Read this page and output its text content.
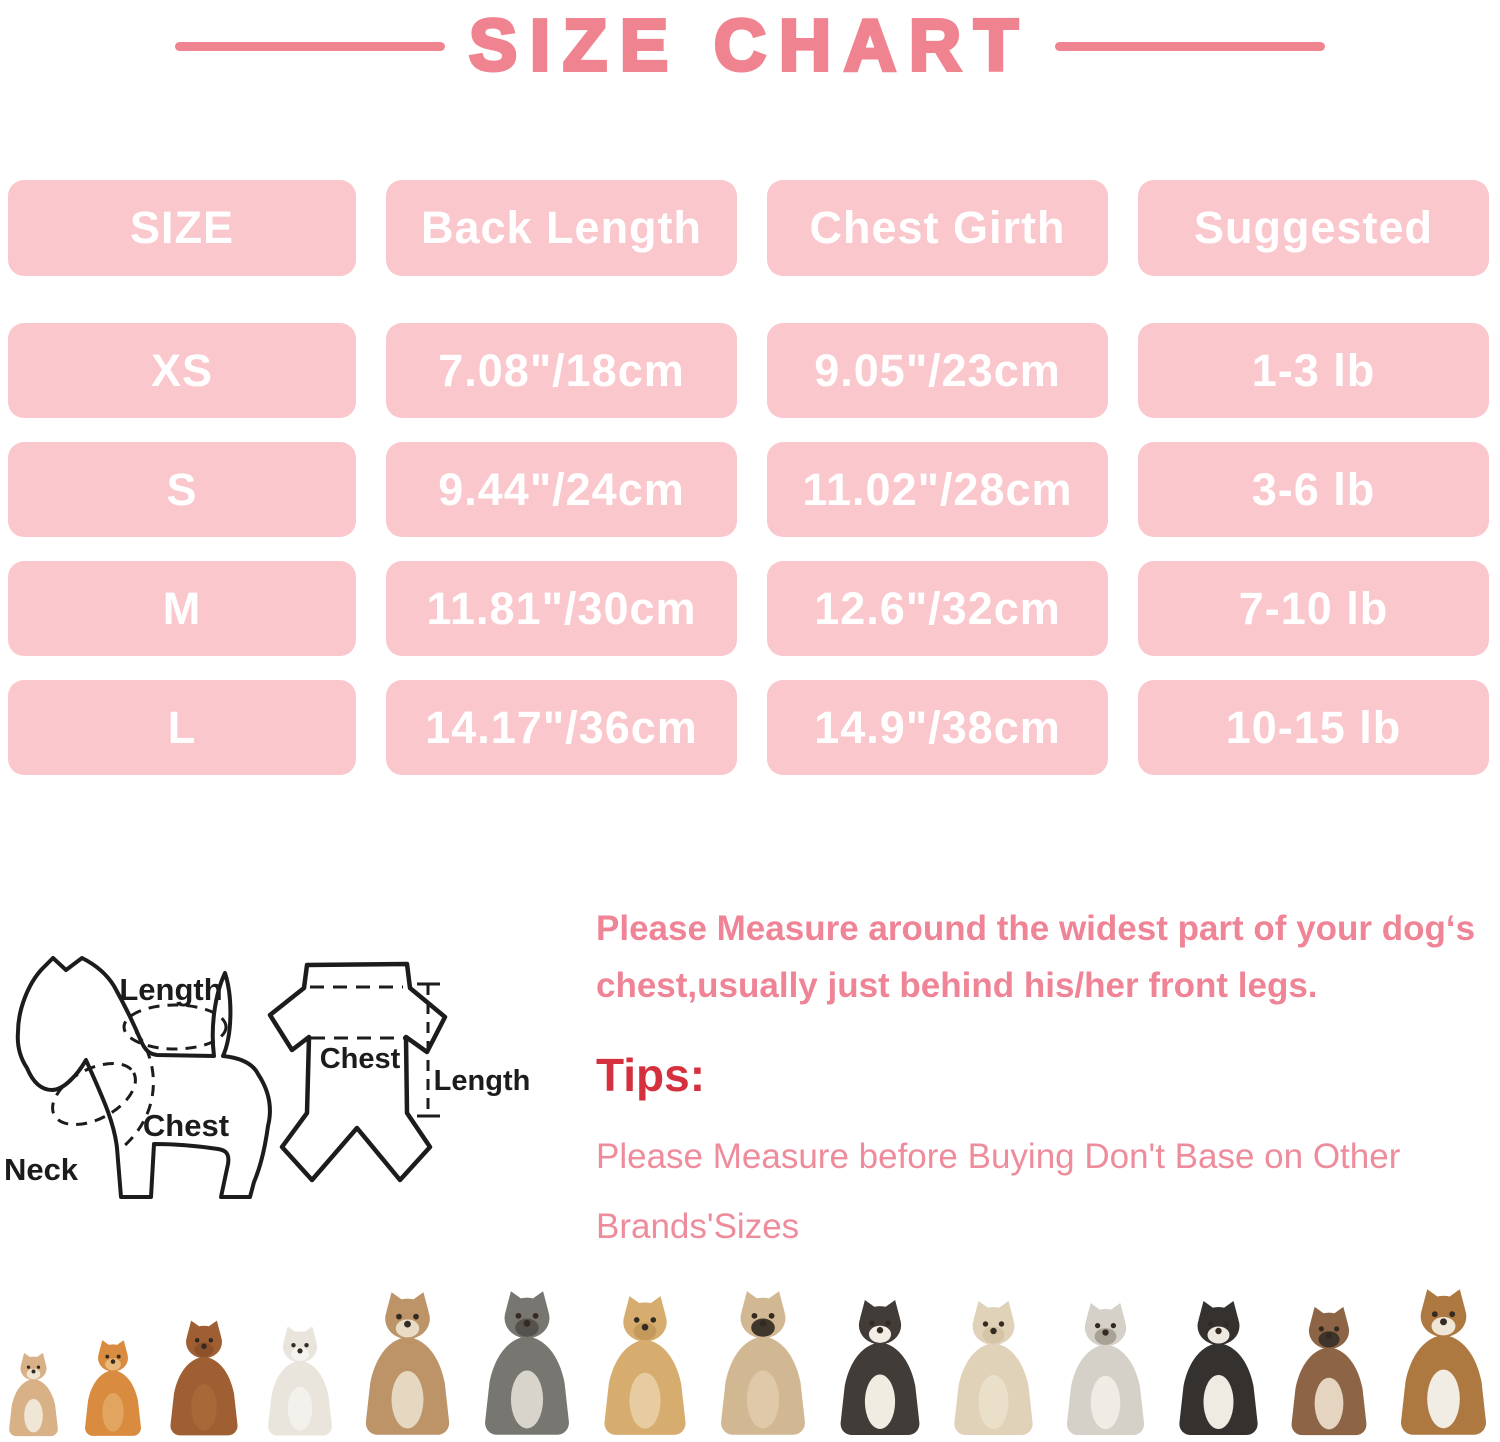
SIZE CHART
SIZE	Back Length	Chest Girth	Suggested
XS	7.08"/18cm	9.05"/23cm	1-3 lb
S	9.44"/24cm	11.02"/28cm	3-6 lb
M	11.81"/30cm	12.6"/32cm	7-10 lb
L	14.17"/36cm	14.9"/38cm	10-15 lb
Length
Chest
Neck
Chest
Length

Please Measure around the widest part of your dog‘s chest,usually just behind his/her front legs.

Tips:

Please Measure before Buying Don't Base on Other Brands'Sizes
